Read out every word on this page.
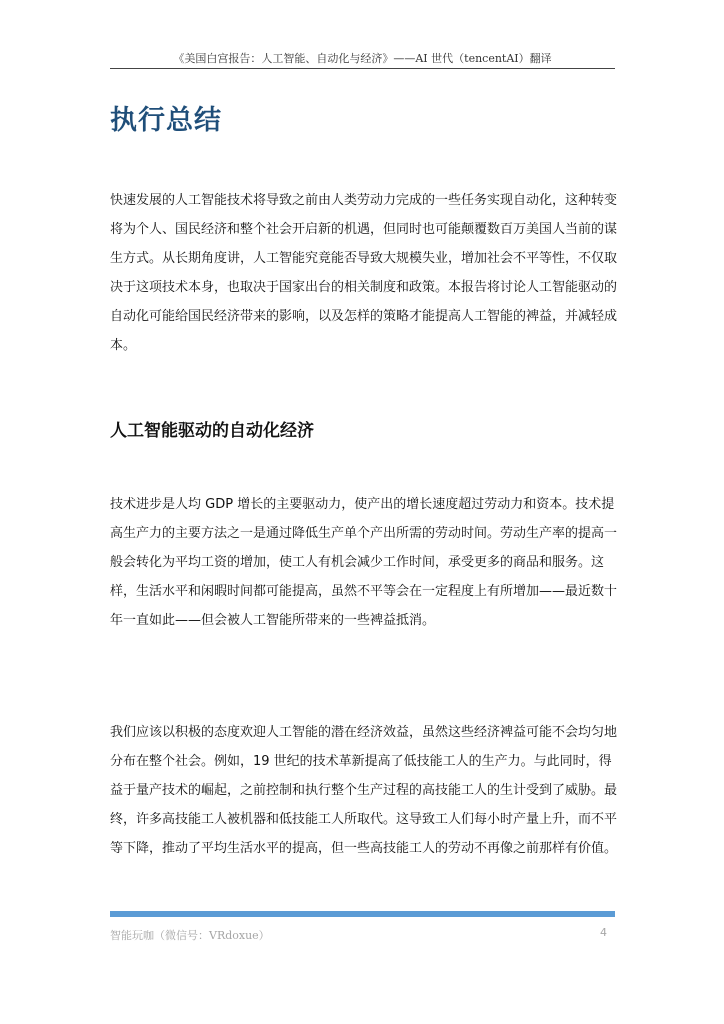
《美国白宫报告：人工智能、自动化与经济》——AI 世代（tencentAI）翻译
执行总结

快速发展的人工智能技术将导致之前由人类劳动力完成的一些任务实现自动化，这种转变将为个人、国民经济和整个社会开启新的机遇，但同时也可能颠覆数百万美国人当前的谋生方式。从长期角度讲，人工智能究竟能否导致大规模失业，增加社会不平等性，不仅取决于这项技术本身，也取决于国家出台的相关制度和政策。本报告将讨论人工智能驱动的自动化可能给国民经济带来的影响，以及怎样的策略才能提高人工智能的裨益，并减轻成本。

人工智能驱动的自动化经济

技术进步是人均 GDP 增长的主要驱动力，使产出的增长速度超过劳动力和资本。技术提高生产力的主要方法之一是通过降低生产单个产出所需的劳动时间。劳动生产率的提高一般会转化为平均工资的增加，使工人有机会减少工作时间，承受更多的商品和服务。这样，生活水平和闲暇时间都可能提高，虽然不平等会在一定程度上有所增加——最近数十年一直如此——但会被人工智能所带来的一些裨益抵消。

我们应该以积极的态度欢迎人工智能的潜在经济效益，虽然这些经济裨益可能不会均匀地分布在整个社会。例如，19 世纪的技术革新提高了低技能工人的生产力。与此同时，得益于量产技术的崛起，之前控制和执行整个生产过程的高技能工人的生计受到了威胁。最终，许多高技能工人被机器和低技能工人所取代。这导致工人们每小时产量上升，而不平等下降，推动了平均生活水平的提高，但一些高技能工人的劳动不再像之前那样有价值。

智能玩咖（微信号：VRdoxue）	4
